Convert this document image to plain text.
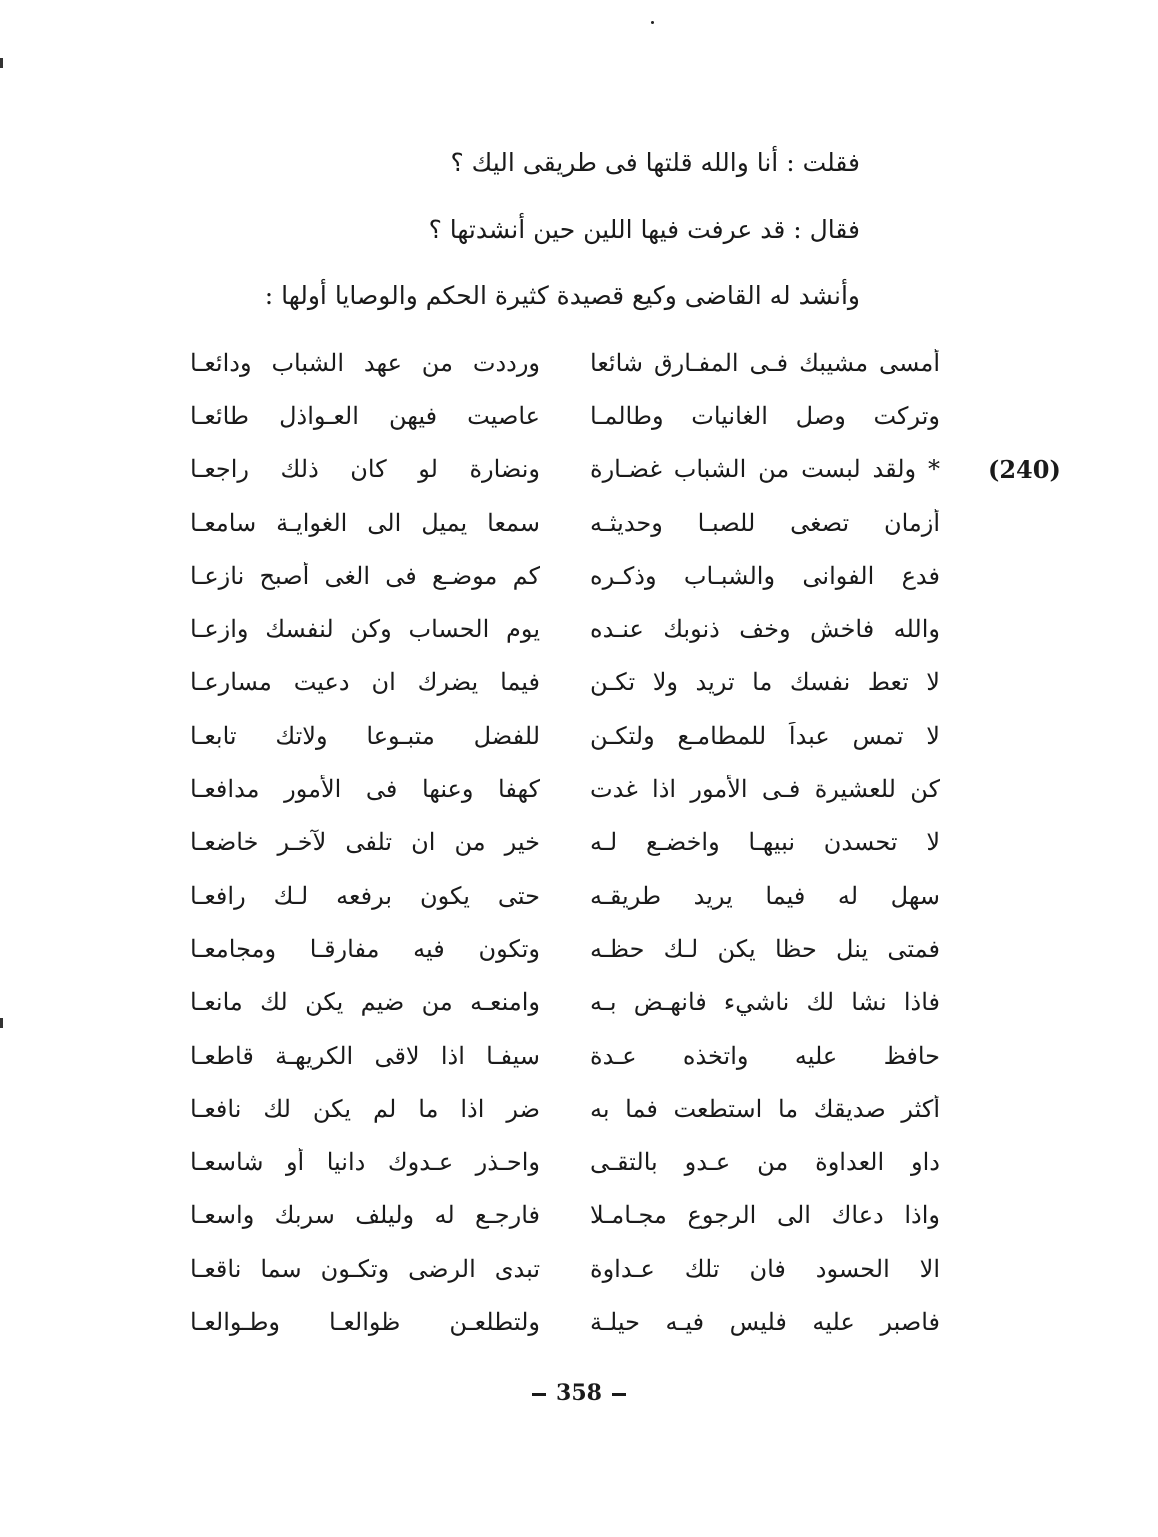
فقلت : أنا والله قلتها فى طريقى اليك ؟
فقال : قد عرفت فيها اللين حين أنشدتها ؟
وأنشد له القاضى وكيع قصيدة كثيرة الحكم والوصايا أولها :
(240)
أمسى مشيبك فـى المفـارق شائعا
ورددت من عهد الشباب ودائعـا
وتركت وصل الغانيات وطالمـا
عاصيت فيهن العـواذل طائعـا
* ولقد لبست من الشباب غضـارة
ونضارة لو كان ذلك راجعـا
أزمان تصغى للصبـا وحديثـه
سمعا يميل الى الغوايـة سامعـا
فدع الفوانى والشبـاب وذكـره
كم موضـع فى الغى أصبح نازعـا
والله فاخش وخف ذنوبك عنـده
يوم الحساب وكن لنفسك وازعـا
لا تعط نفسك ما تريد ولا تكـن
فيما يضرك ان دعيت مسارعـا
لا تمس عبداً للمطامـع ولتكـن
للفضل متبـوعا ولاتك تابعـا
كن للعشيرة فـى الأمور اذا غدت
كهفا وعنها فى الأمور مدافعـا
لا تحسدن نبيهـا واخضـع لـه
خير من ان تلفى لآخـر خاضعـا
سهل له فيما يريد طريقـه
حتى يكون برفعه لـك رافعـا
فمتى ينل حظا يكن لـك حظـه
وتكون فيه مفارقـا ومجامعـا
فاذا نشا لك ناشيء فانهـض بـه
وامنعـه من ضيم يكن لك مانعـا
حافظ عليه واتخذه عـدة
سيفـا اذا لاقى الكريهـة قاطعـا
أكثر صديقك ما استطعت فما به
ضر اذا ما لم يكن لك نافعـا
داو العداوة من عـدو بالتقـى
واحـذر عـدوك دانيا أو شاسعـا
واذا دعاك الى الرجوع مجـامـلا
فارجـع له وليلف سربك واسعـا
الا الحسود فان تلك عـداوة
تبدى الرضى وتكـون سما ناقعـا
فاصبر عليه فليس فيـه حيلـة
ولتطلعـن ظوالعـا وطـوالعـا
358
